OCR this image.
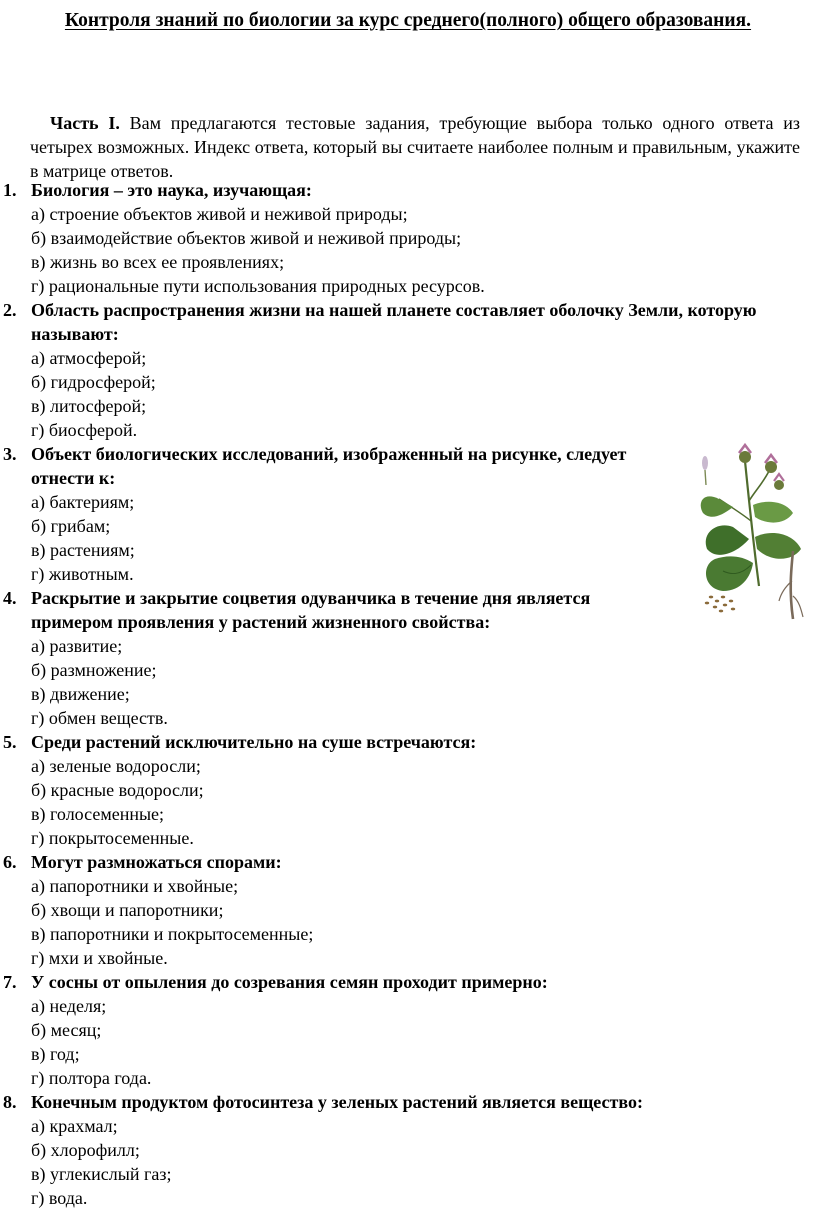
Контроля знаний по биологии за курс среднего(полного) общего образования.
Часть I. Вам предлагаются тестовые задания, требующие выбора только одного ответа из четырех возможных. Индекс ответа, который вы считаете наиболее полным и правильным, укажите в матрице ответов.
1. Биология – это наука, изучающая:
а) строение объектов живой и неживой природы;
б) взаимодействие объектов живой и неживой природы;
в) жизнь во всех ее проявлениях;
г) рациональные пути использования природных ресурсов.
2. Область распространения жизни на нашей планете составляет оболочку Земли, которую называют:
а) атмосферой;
б) гидросферой;
в) литосферой;
г) биосферой.
3. Объект биологических исследований, изображенный на рисунке, следует отнести к:
а) бактериям;
б) грибам;
в) растениям;
г) животным.
4. Раскрытие и закрытие соцветия одуванчика в течение дня является примером проявления у растений жизненного свойства:
а) развитие;
б) размножение;
в) движение;
г) обмен веществ.
5. Среди растений исключительно на суше встречаются:
а) зеленые водоросли;
б) красные водоросли;
в) голосеменные;
г) покрытосеменные.
6. Могут размножаться спорами:
а) папоротники и хвойные;
б) хвощи и папоротники;
в) папоротники и покрытосеменные;
г) мхи и хвойные.
7. У сосны от опыления до созревания семян проходит примерно:
а) неделя;
б) месяц;
в) год;
г) полтора года.
8. Конечным продуктом фотосинтеза у зеленых растений является вещество:
а) крахмал;
б) хлорофилл;
в) углекислый газ;
г) вода.
